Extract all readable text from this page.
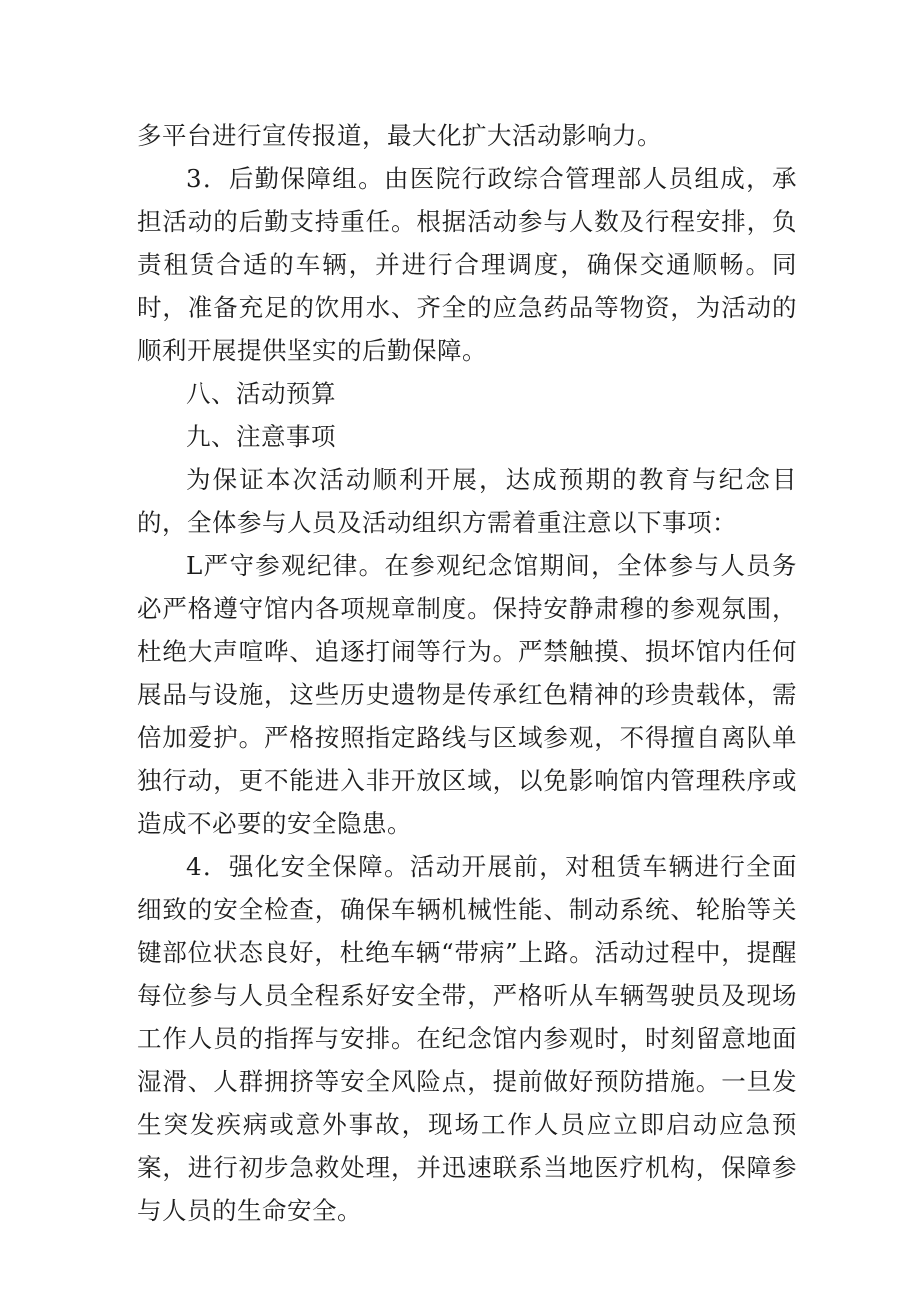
多平台进行宣传报道，最大化扩大活动影响力。

3．后勤保障组。由医院行政综合管理部人员组成，承担活动的后勤支持重任。根据活动参与人数及行程安排，负责租赁合适的车辆，并进行合理调度，确保交通顺畅。同时，准备充足的饮用水、齐全的应急药品等物资，为活动的顺利开展提供坚实的后勤保障。

八、活动预算

九、注意事项

为保证本次活动顺利开展，达成预期的教育与纪念目的，全体参与人员及活动组织方需着重注意以下事项：

L严守参观纪律。在参观纪念馆期间，全体参与人员务必严格遵守馆内各项规章制度。保持安静肃穆的参观氛围，杜绝大声喧哗、追逐打闹等行为。严禁触摸、损坏馆内任何展品与设施，这些历史遗物是传承红色精神的珍贵载体，需倍加爱护。严格按照指定路线与区域参观，不得擅自离队单独行动，更不能进入非开放区域，以免影响馆内管理秩序或造成不必要的安全隐患。

4．强化安全保障。活动开展前，对租赁车辆进行全面细致的安全检查，确保车辆机械性能、制动系统、轮胎等关键部位状态良好，杜绝车辆“带病”上路。活动过程中，提醒每位参与人员全程系好安全带，严格听从车辆驾驶员及现场工作人员的指挥与安排。在纪念馆内参观时，时刻留意地面湿滑、人群拥挤等安全风险点，提前做好预防措施。一旦发生突发疾病或意外事故，现场工作人员应立即启动应急预案，进行初步急救处理，并迅速联系当地医疗机构，保障参与人员的生命安全。
